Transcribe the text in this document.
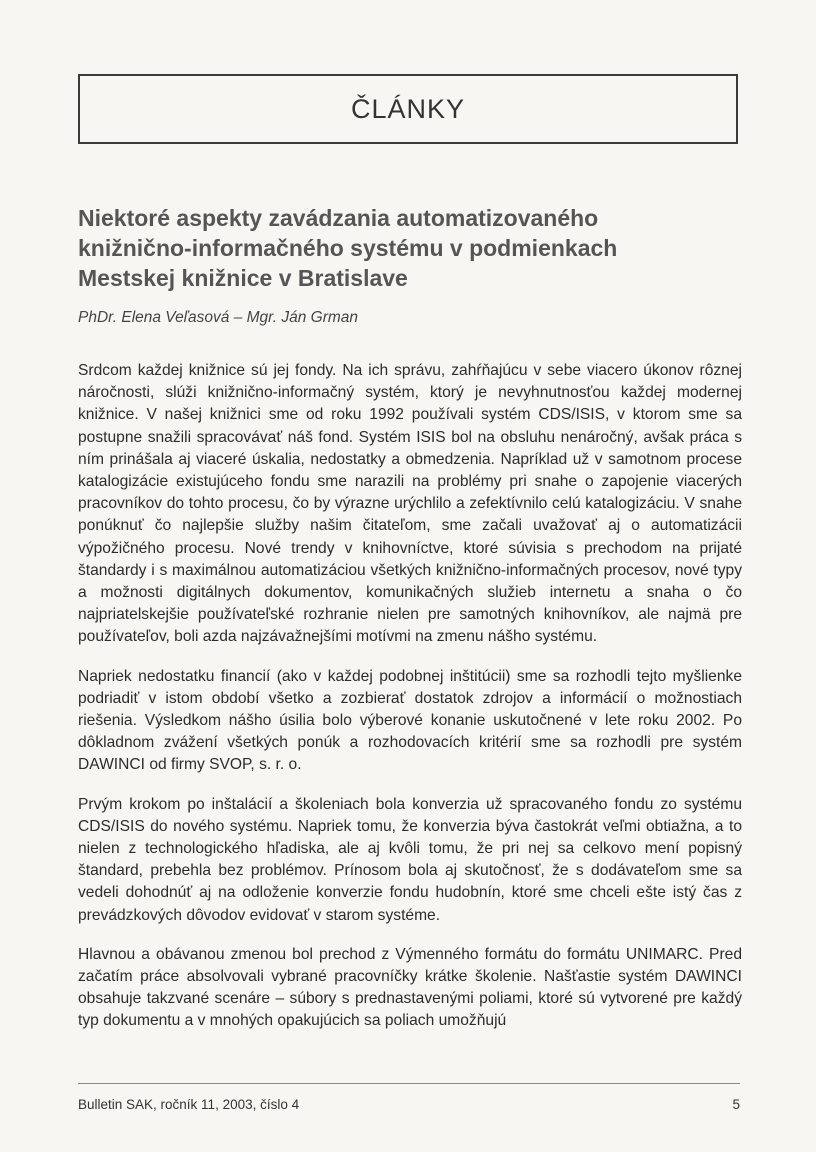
ČLÁNKY
Niektoré aspekty zavádzania automatizovaného knižnično-informačného systému v podmienkach Mestskej knižnice v Bratislave
PhDr. Elena Veľasová – Mgr. Ján Grman

Srdcom každej knižnice sú jej fondy. Na ich správu, zahŕňajúcu v sebe viacero úkonov rôznej náročnosti, slúži knižnično-informačný systém, ktorý je nevyhnutnosťou každej modernej knižnice. V našej knižnici sme od roku 1992 používali systém CDS/ISIS, v ktorom sme sa postupne snažili spracovávať náš fond. Systém ISIS bol na obsluhu nenáročný, avšak práca s ním prinášala aj viaceré úskalia, nedostatky a obmedzenia. Napríklad už v samotnom procese katalogizácie existujúceho fondu sme narazili na problémy pri snahe o zapojenie viacerých pracovníkov do tohto procesu, čo by výrazne urýchlilo a zefektívnilo celú katalogizáciu. V snahe ponúknuť čo najlepšie služby našim čitateľom, sme začali uvažovať aj o automatizácii výpožičného procesu. Nové trendy v knihovníctve, ktoré súvisia s prechodom na prijaté štandardy i s maximálnou automatizáciou všetkých knižnično-informačných procesov, nové typy a možnosti digitálnych dokumentov, komunikačných služieb internetu a snaha o čo najpriatelskejšie používateľské rozhranie nielen pre samotných knihovníkov, ale najmä pre používateľov, boli azda najzávažnejšími motívmi na zmenu nášho systému.

Napriek nedostatku financií (ako v každej podobnej inštitúcii) sme sa rozhodli tejto myšlienke podriadiť v istom období všetko a zozbierať dostatok zdrojov a informácií o možnostiach riešenia. Výsledkom nášho úsilia bolo výberové konanie uskutočnené v lete roku 2002. Po dôkladnom zvážení všetkých ponúk a rozhodovacích kritérií sme sa rozhodli pre systém DAWINCI od firmy SVOP, s. r. o.

Prvým krokom po inštalácií a školeniach bola konverzia už spracovaného fondu zo systému CDS/ISIS do nového systému. Napriek tomu, že konverzia býva častokrát veľmi obtiažna, a to nielen z technologického hľadiska, ale aj kvôli tomu, že pri nej sa celkovo mení popisný štandard, prebehla bez problémov. Prínosom bola aj skutočnosť, že s dodávateľom sme sa vedeli dohodnúť aj na odloženie konverzie fondu hudobnín, ktoré sme chceli ešte istý čas z prevádzkových dôvodov evidovať v starom systéme.

Hlavnou a obávanou zmenou bol prechod z Výmenného formátu do formátu UNIMARC. Pred začatím práce absolvovali vybrané pracovníčky krátke školenie. Našťastie systém DAWINCI obsahuje takzvané scenáre – súbory s prednastavenými poliami, ktoré sú vytvorené pre každý typ dokumentu a v mnohých opakujúcich sa poliach umožňujú

Bulletin SAK, ročník 11, 2003, číslo 4	5
